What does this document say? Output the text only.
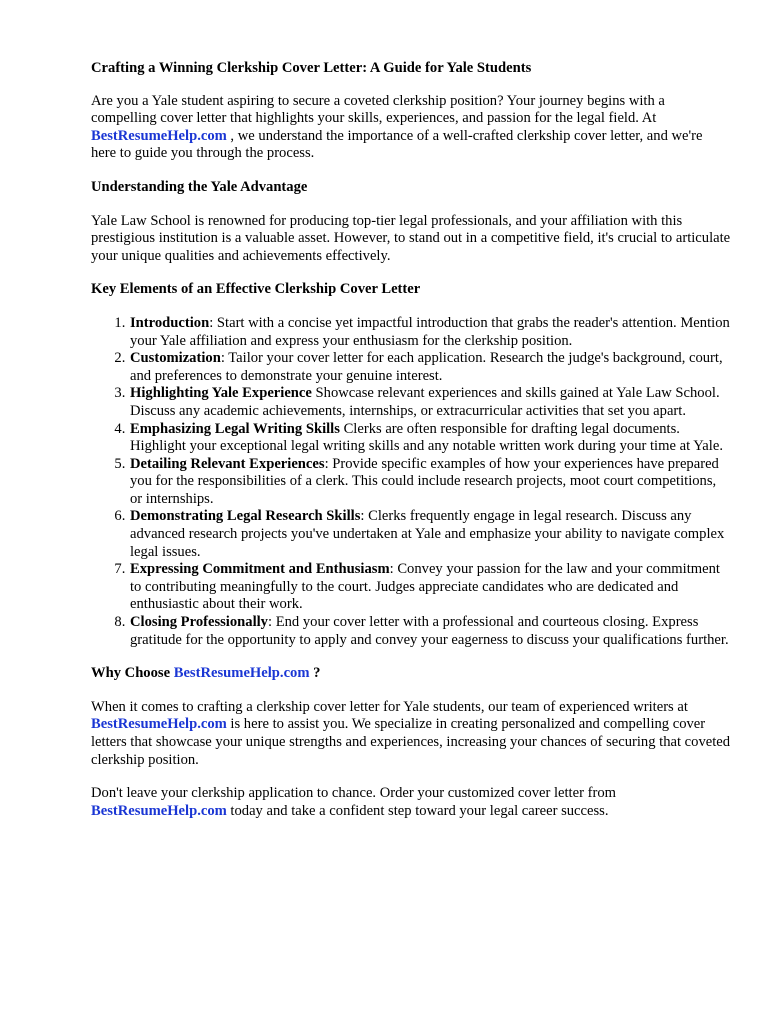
Crafting a Winning Clerkship Cover Letter: A Guide for Yale Students

Are you a Yale student aspiring to secure a coveted clerkship position? Your journey begins with a compelling cover letter that highlights your skills, experiences, and passion for the legal field. At BestResumeHelp.com , we understand the importance of a well-crafted clerkship cover letter, and we're here to guide you through the process.

Understanding the Yale Advantage

Yale Law School is renowned for producing top-tier legal professionals, and your affiliation with this prestigious institution is a valuable asset. However, to stand out in a competitive field, it's crucial to articulate your unique qualities and achievements effectively.

Key Elements of an Effective Clerkship Cover Letter
1. Introduction: Start with a concise yet impactful introduction that grabs the reader's attention. Mention your Yale affiliation and express your enthusiasm for the clerkship position.
2. Customization: Tailor your cover letter for each application. Research the judge's background, court, and preferences to demonstrate your genuine interest.
3. Highlighting Yale Experience Showcase relevant experiences and skills gained at Yale Law School. Discuss any academic achievements, internships, or extracurricular activities that set you apart.
4. Emphasizing Legal Writing Skills Clerks are often responsible for drafting legal documents. Highlight your exceptional legal writing skills and any notable written work during your time at Yale.
5. Detailing Relevant Experiences: Provide specific examples of how your experiences have prepared you for the responsibilities of a clerk. This could include research projects, moot court competitions, or internships.
6. Demonstrating Legal Research Skills: Clerks frequently engage in legal research. Discuss any advanced research projects you've undertaken at Yale and emphasize your ability to navigate complex legal issues.
7. Expressing Commitment and Enthusiasm: Convey your passion for the law and your commitment to contributing meaningfully to the court. Judges appreciate candidates who are dedicated and enthusiastic about their work.
8. Closing Professionally: End your cover letter with a professional and courteous closing. Express gratitude for the opportunity to apply and convey your eagerness to discuss your qualifications further.
Why Choose BestResumeHelp.com ?

When it comes to crafting a clerkship cover letter for Yale students, our team of experienced writers at BestResumeHelp.com is here to assist you. We specialize in creating personalized and compelling cover letters that showcase your unique strengths and experiences, increasing your chances of securing that coveted clerkship position.

Don't leave your clerkship application to chance. Order your customized cover letter from BestResumeHelp.com today and take a confident step toward your legal career success.
